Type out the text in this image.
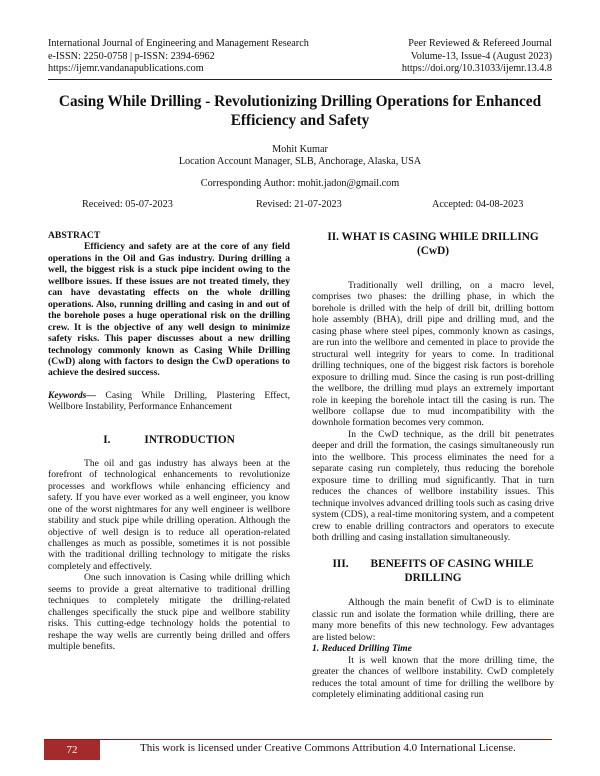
International Journal of Engineering and Management Research
e-ISSN: 2250-0758 | p-ISSN: 2394-6962
https://ijemr.vandanapublications.com
Peer Reviewed & Refereed Journal
Volume-13, Issue-4 (August 2023)
https://doi.org/10.31033/ijemr.13.4.8
Casing While Drilling - Revolutionizing Drilling Operations for Enhanced Efficiency and Safety
Mohit Kumar
Location Account Manager, SLB, Anchorage, Alaska, USA
Corresponding Author: mohit.jadon@gmail.com
Received: 05-07-2023	Revised: 21-07-2023	Accepted: 04-08-2023
ABSTRACT
Efficiency and safety are at the core of any field operations in the Oil and Gas industry. During drilling a well, the biggest risk is a stuck pipe incident owing to the wellbore issues. If these issues are not treated timely, they can have devastating effects on the whole drilling operations. Also, running drilling and casing in and out of the borehole poses a huge operational risk on the drilling crew. It is the objective of any well design to minimize safety risks. This paper discusses about a new drilling technology commonly known as Casing While Drilling (CwD) along with factors to design the CwD operations to achieve the desired success.
Keywords— Casing While Drilling, Plastering Effect, Wellbore Instability, Performance Enhancement
I.	INTRODUCTION
The oil and gas industry has always been at the forefront of technological enhancements to revolutionize processes and workflows while enhancing efficiency and safety. If you have ever worked as a well engineer, you know one of the worst nightmares for any well engineer is wellbore stability and stuck pipe while drilling operation. Although the objective of well design is to reduce all operation-related challenges as much as possible, sometimes it is not possible with the traditional drilling technology to mitigate the risks completely and effectively.
One such innovation is Casing while drilling which seems to provide a great alternative to traditional drilling techniques to completely mitigate the drilling-related challenges specifically the stuck pipe and wellbore stability risks. This cutting-edge technology holds the potential to reshape the way wells are currently being drilled and offers multiple benefits.
II. WHAT IS CASING WHILE DRILLING (CwD)
Traditionally well drilling, on a macro level, comprises two phases: the drilling phase, in which the borehole is drilled with the help of drill bit, drilling bottom hole assembly (BHA), drill pipe and drilling mud, and the casing phase where steel pipes, commonly known as casings, are run into the wellbore and cemented in place to provide the structural well integrity for years to come. In traditional drilling techniques, one of the biggest risk factors is borehole exposure to drilling mud. Since the casing is run post-drilling the wellbore, the drilling mud plays an extremely important role in keeping the borehole intact till the casing is run. The wellbore collapse due to mud incompatibility with the downhole formation becomes very common.
In the CwD technique, as the drill bit penetrates deeper and drill the formation, the casings simultaneously run into the wellbore. This process eliminates the need for a separate casing run completely, thus reducing the borehole exposure time to drilling mud significantly. That in turn reduces the chances of wellbore instability issues. This technique involves advanced drilling tools such as casing drive system (CDS), a real-time monitoring system, and a competent crew to enable drilling contractors and operators to execute both drilling and casing installation simultaneously.
III. BENEFITS OF CASING WHILE DRILLING
Although the main benefit of CwD is to eliminate classic run and isolate the formation while drilling, there are many more benefits of this new technology. Few advantages are listed below:
1. Reduced Drilling Time
It is well known that the more drilling time, the greater the chances of wellbore instability. CwD completely reduces the total amount of time for drilling the wellbore by completely eliminating additional casing run
72	This work is licensed under Creative Commons Attribution 4.0 International License.
